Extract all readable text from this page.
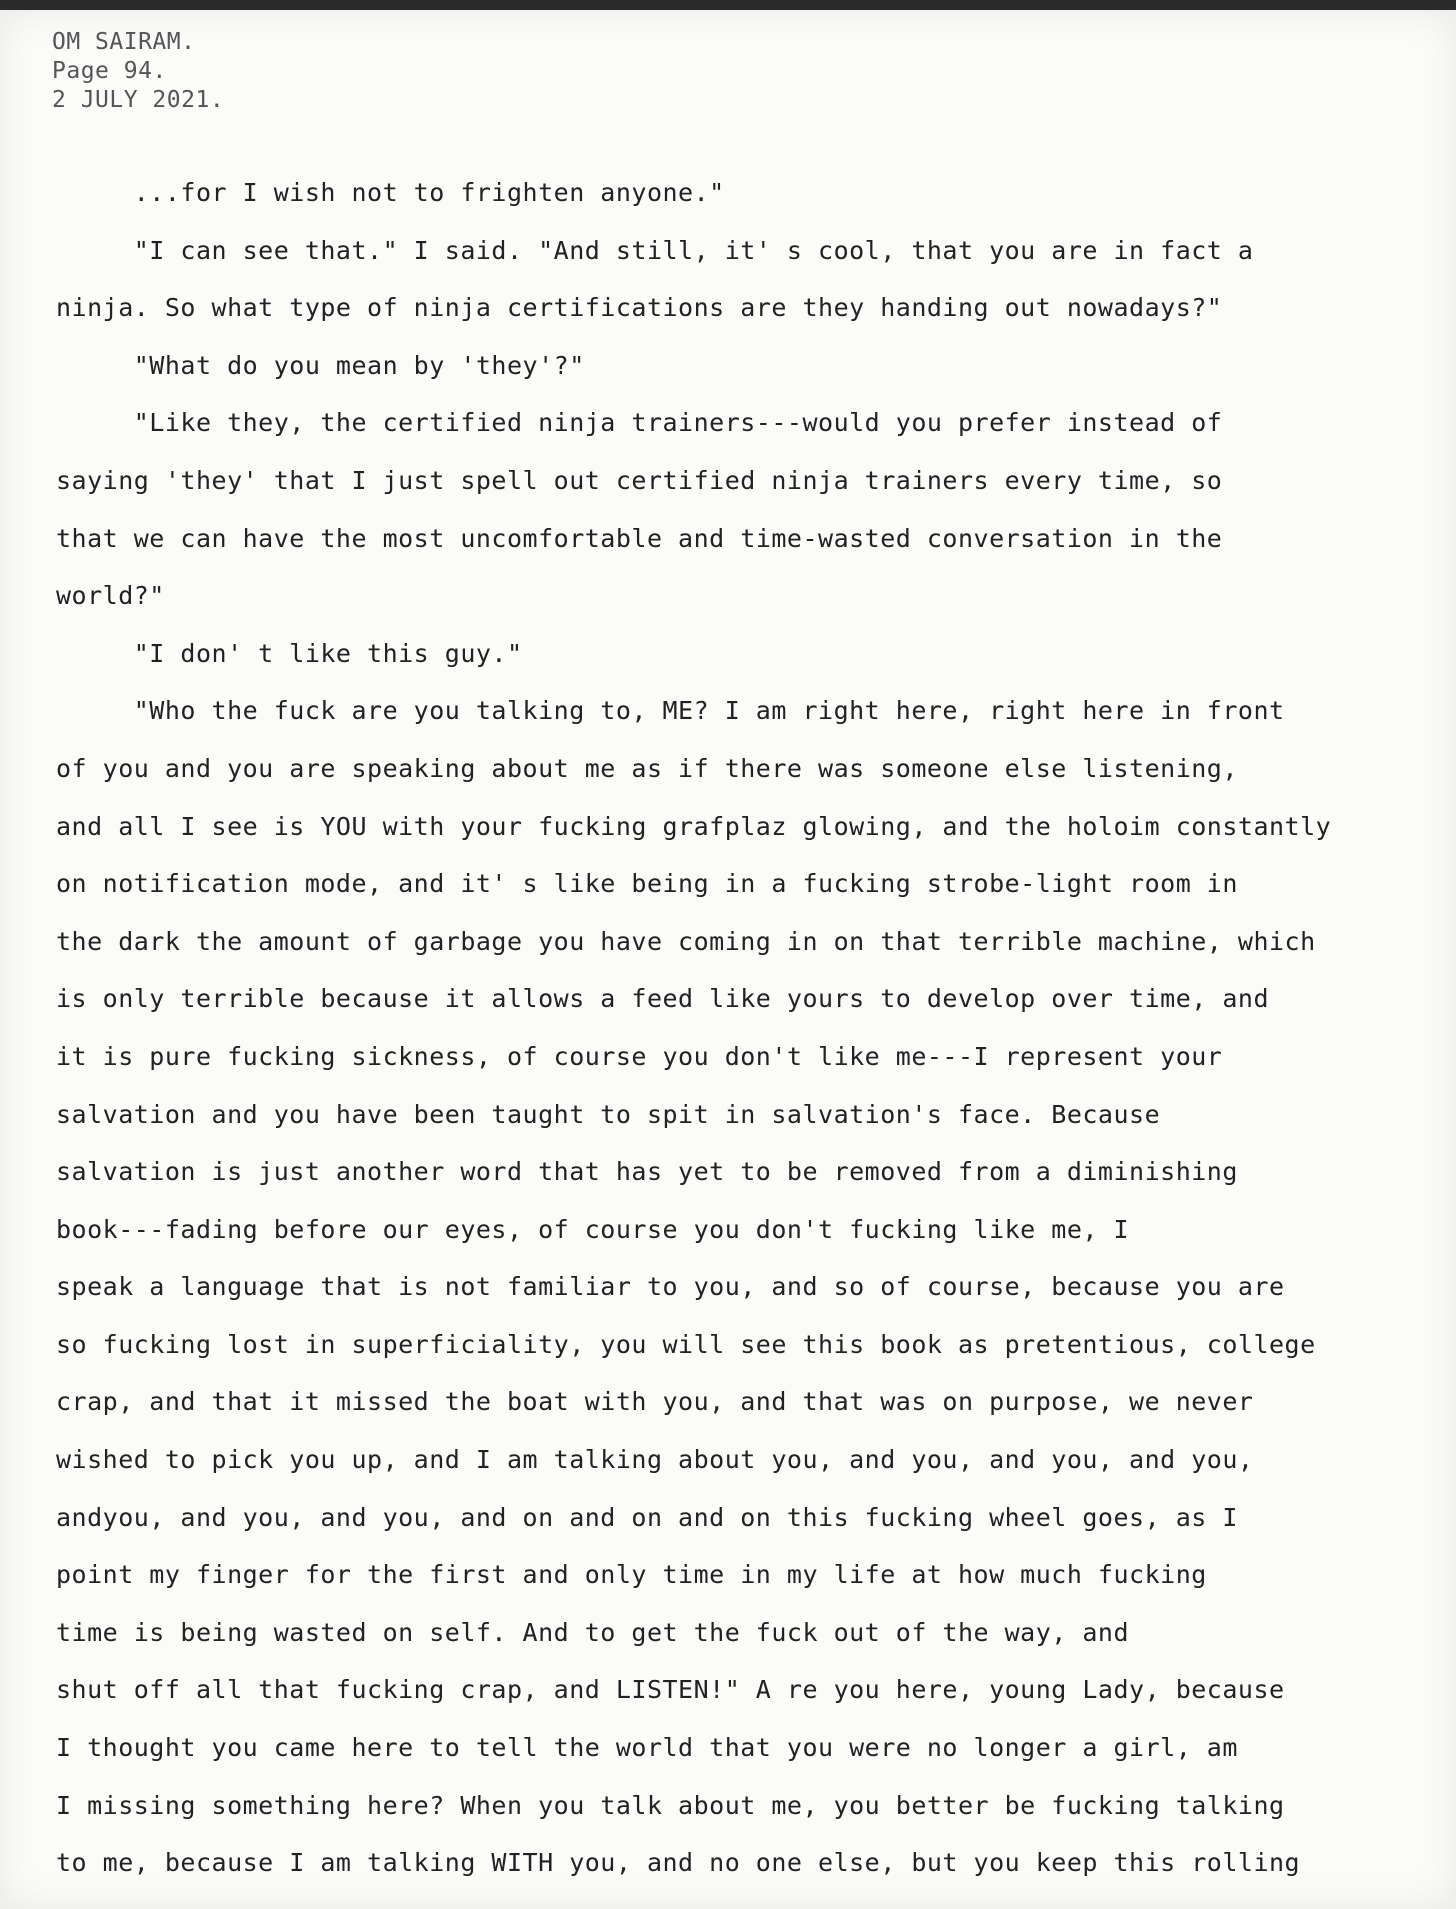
OM SAIRAM.
Page 94.
2 JULY 2021.
...for I wish not to frighten anyone."
"I can see that." I said. "And still, it' s cool, that you are in fact a
ninja. So what type of ninja certifications are they handing out nowadays?"
"What do you mean by 'they'?"
"Like they, the certified ninja trainers---would you prefer instead of
saying 'they' that I just spell out certified ninja trainers every time, so
that we can have the most uncomfortable and time-wasted conversation in the
world?"
"I don' t like this guy."
"Who the fuck are you talking to, ME? I am right here, right here in front
of you and you are speaking about me as if there was someone else listening,
and all I see is YOU with your fucking grafplaz glowing, and the holoim constantly
on notification mode, and it' s like being in a fucking strobe-light room in
the dark the amount of garbage you have coming in on that terrible machine, which
is only terrible because it allows a feed like yours to develop over time, and
it is pure fucking sickness, of course you don't like me---I represent your
salvation and you have been taught to spit in salvation's face. Because
salvation is just another word that has yet to be removed from a diminishing
book---fading before our eyes, of course you don't fucking like me, I
speak a language that is not familiar to you, and so of course, because you are
so fucking lost in superficiality, you will see this book as pretentious, college
crap, and that it missed the boat with you, and that was on purpose, we never
wished to pick you up, and I am talking about you, and you, and you, and you,
andyou, and you, and you, and on and on and on this fucking wheel goes, as I
point my finger for the first and only time in my life at how much fucking
time is being wasted on self. And to get the fuck out of the way, and
shut off all that fucking crap, and LISTEN!" A re you here, young Lady, because
I thought you came here to tell the world that you were no longer a girl, am
I missing something here? When you talk about me, you better be fucking talking
to me, because I am talking WITH you, and no one else, but you keep this rolling
